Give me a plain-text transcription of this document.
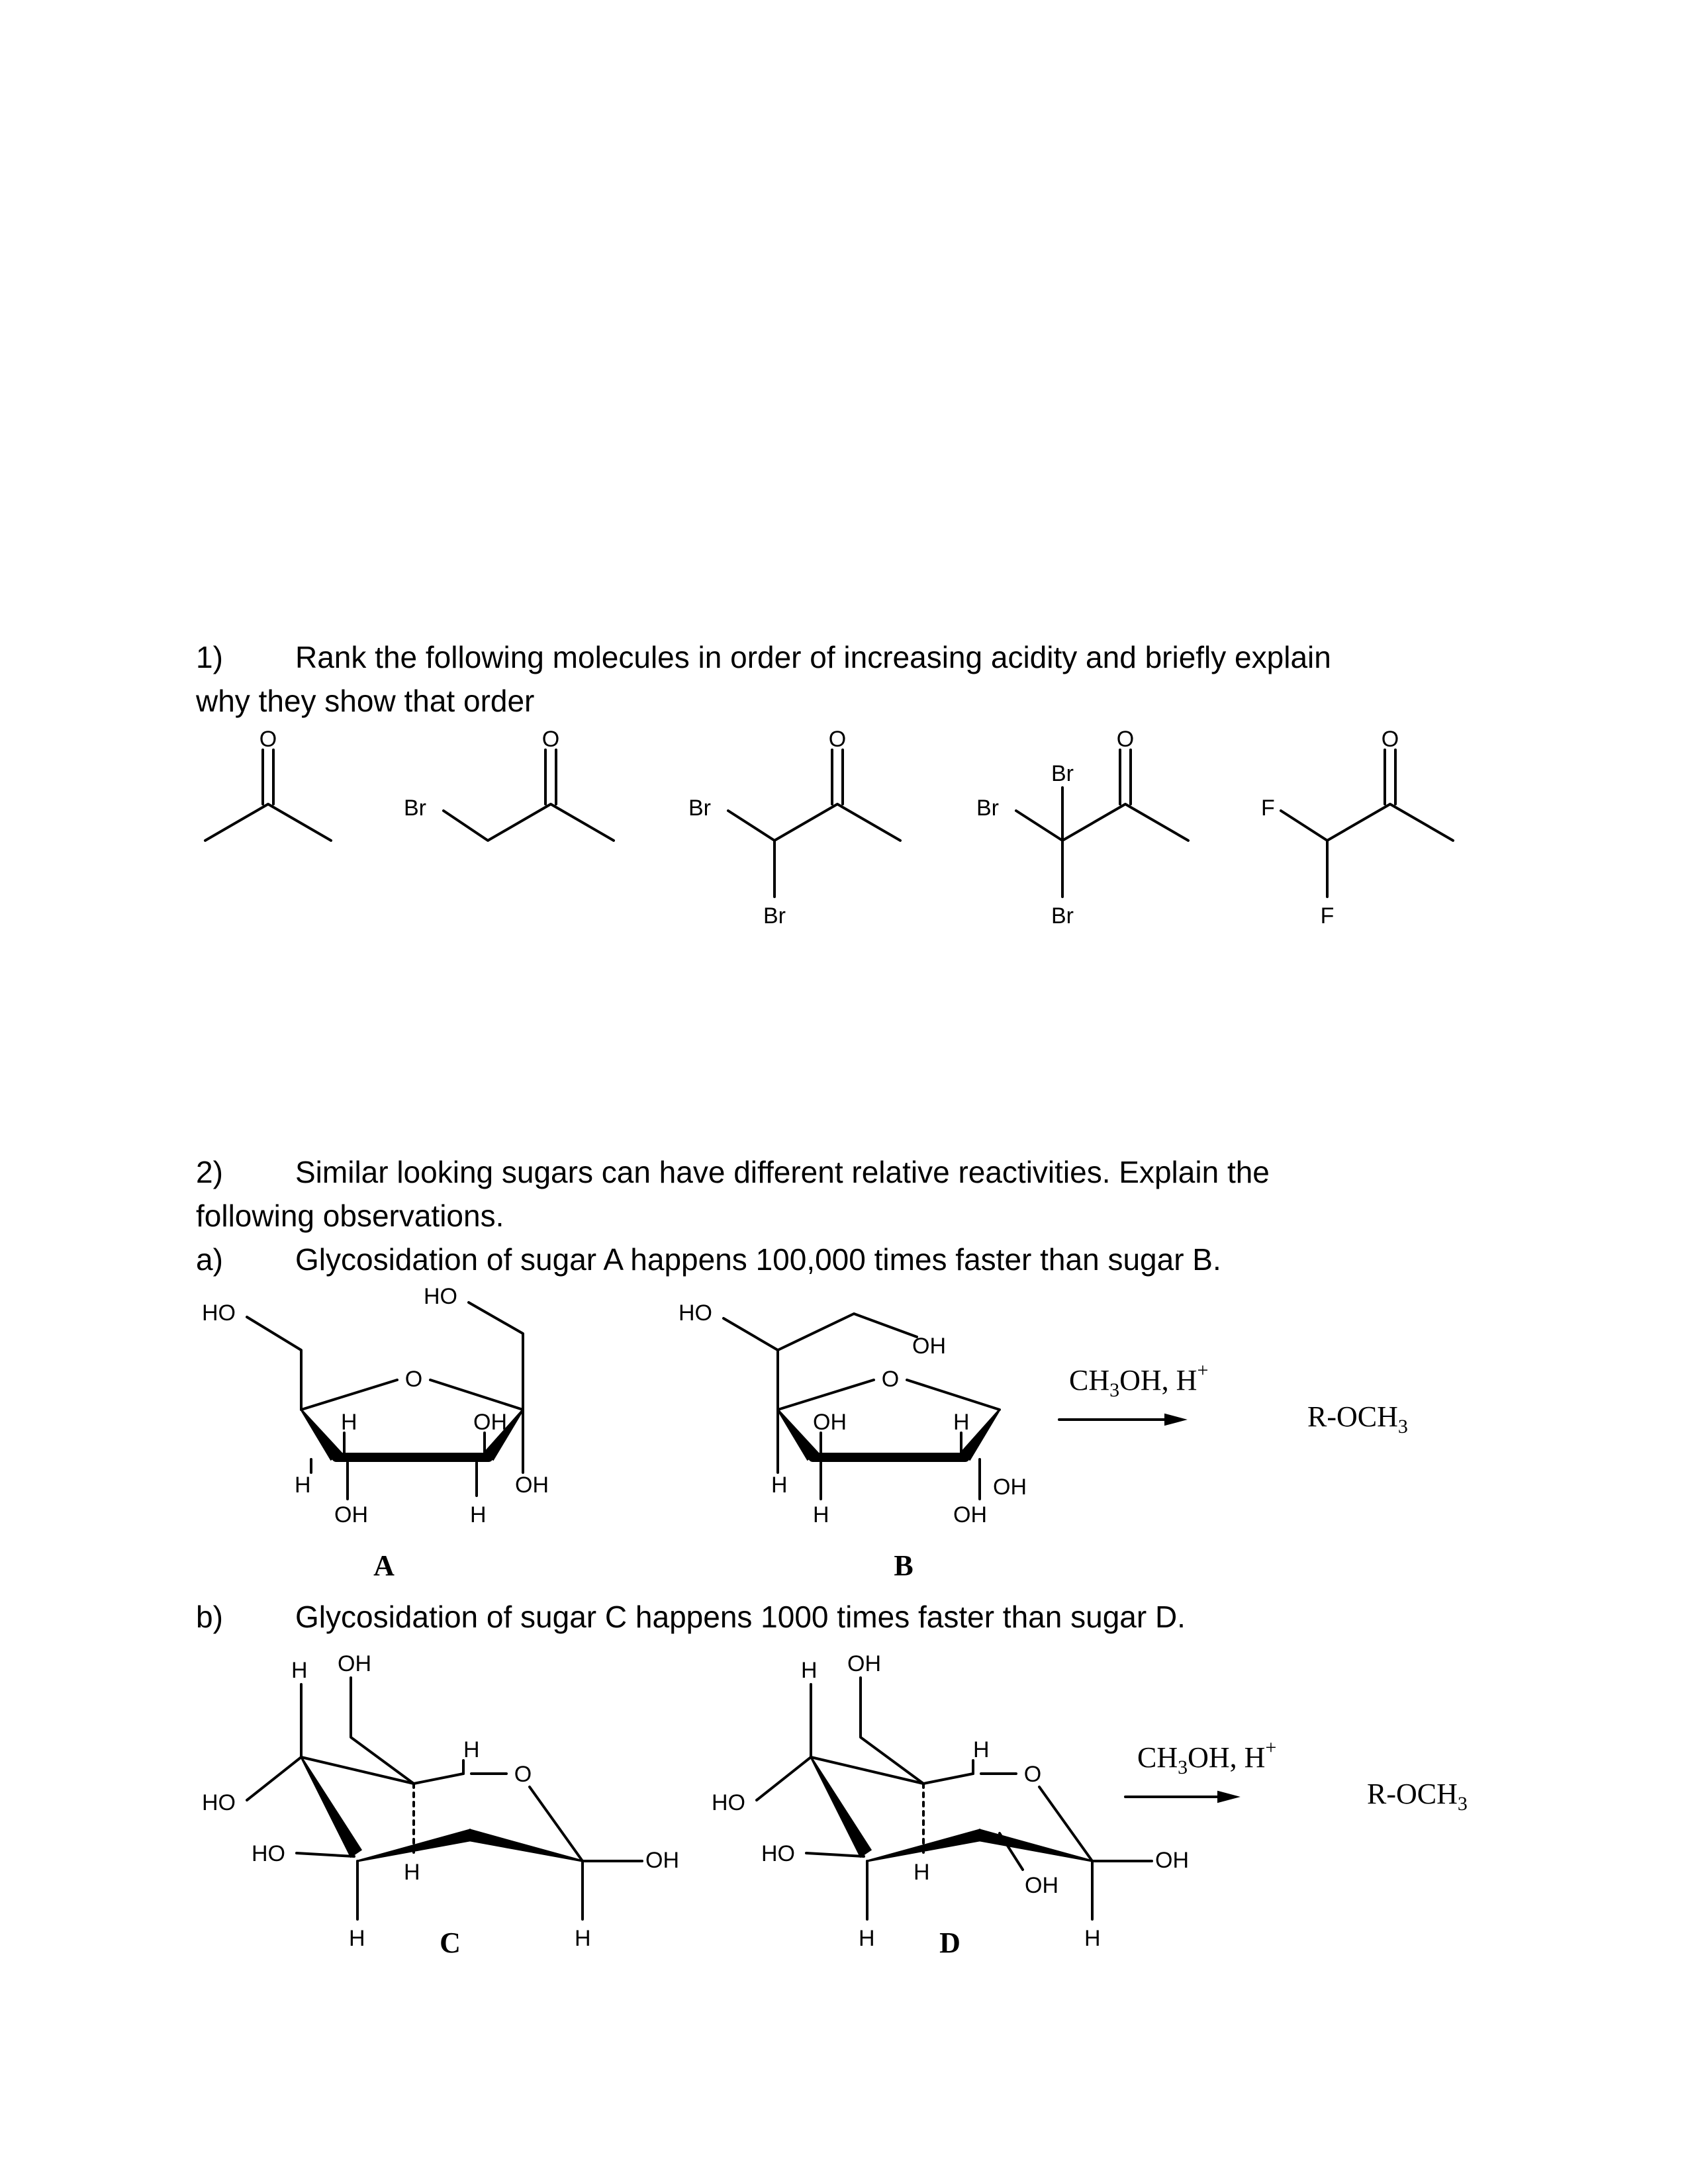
1) Rank the following molecules in order of increasing acidity and briefly explain
why they show that order
2) Similar looking sugars can have different relative reactivities. Explain the
following observations.
a) Glycosidation of sugar A happens 100,000 times faster than sugar B.
b) Glycosidation of sugar C happens 1000 times faster than sugar D.
O
Br
O
Br
O
Br
Br
O
Br
Br
F
O
F
HO
HO
O
H	OH
H
OH	H
OH
A
HO
OH
O
OH	H
H
H	OH
OH
B
$CH_3OH$, H+
$R-OCH_3$
H OH
HO
H
O
HO
H
H
OH
H
C
H OH
HO
H
O
HO
H
H
OH
OH
H
D
$CH_3OH$, H+
$R-OCH_3$
